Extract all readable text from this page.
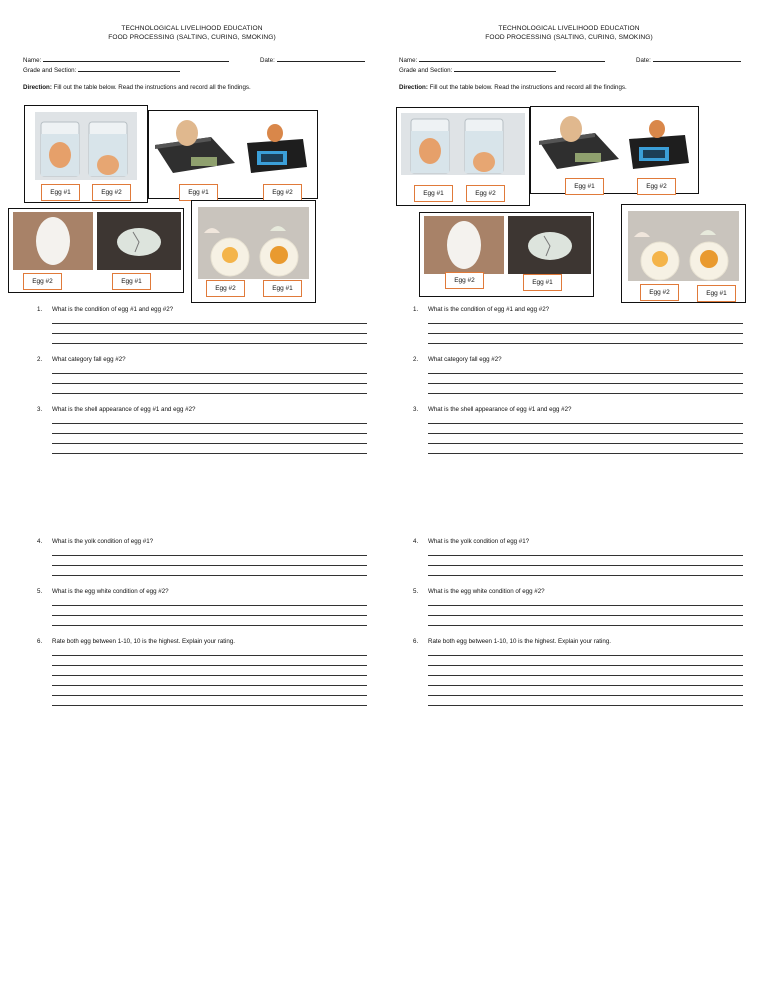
TECHNOLOGICAL LIVELIHOOD EDUCATION
FOOD PROCESSING (SALTING, CURING, SMOKING)
Name:	Date:
Grade and Section:
Direction: Fill out the table below. Read the instructions and record all the findings.
Egg #1	Egg #2	Egg #1	Egg #2
Egg #2	Egg #1
Egg #2	Egg #1
1. What is the condition of egg #1 and egg #2?
2. What category fall egg #2?
3. What is the shell appearance of egg #1 and egg #2?
4. What is the yolk condition of egg #1?
5. What is the egg white condition of egg #2?
6. Rate both egg between 1-10, 10 is the highest. Explain your rating.
TECHNOLOGICAL LIVELIHOOD EDUCATION
FOOD PROCESSING (SALTING, CURING, SMOKING)
Name:	Date:
Grade and Section:
Direction: Fill out the table below. Read the instructions and record all the findings.
Egg #1	Egg #2
Egg #1	Egg #2
Egg #2	Egg #1
Egg #2	Egg #1
1. What is the condition of egg #1 and egg #2?
2. What category fall egg #2?
3. What is the shell appearance of egg #1 and egg #2?
4. What is the yolk condition of egg #1?
5. What is the egg white condition of egg #2?
6. Rate both egg between 1-10, 10 is the highest. Explain your rating.
